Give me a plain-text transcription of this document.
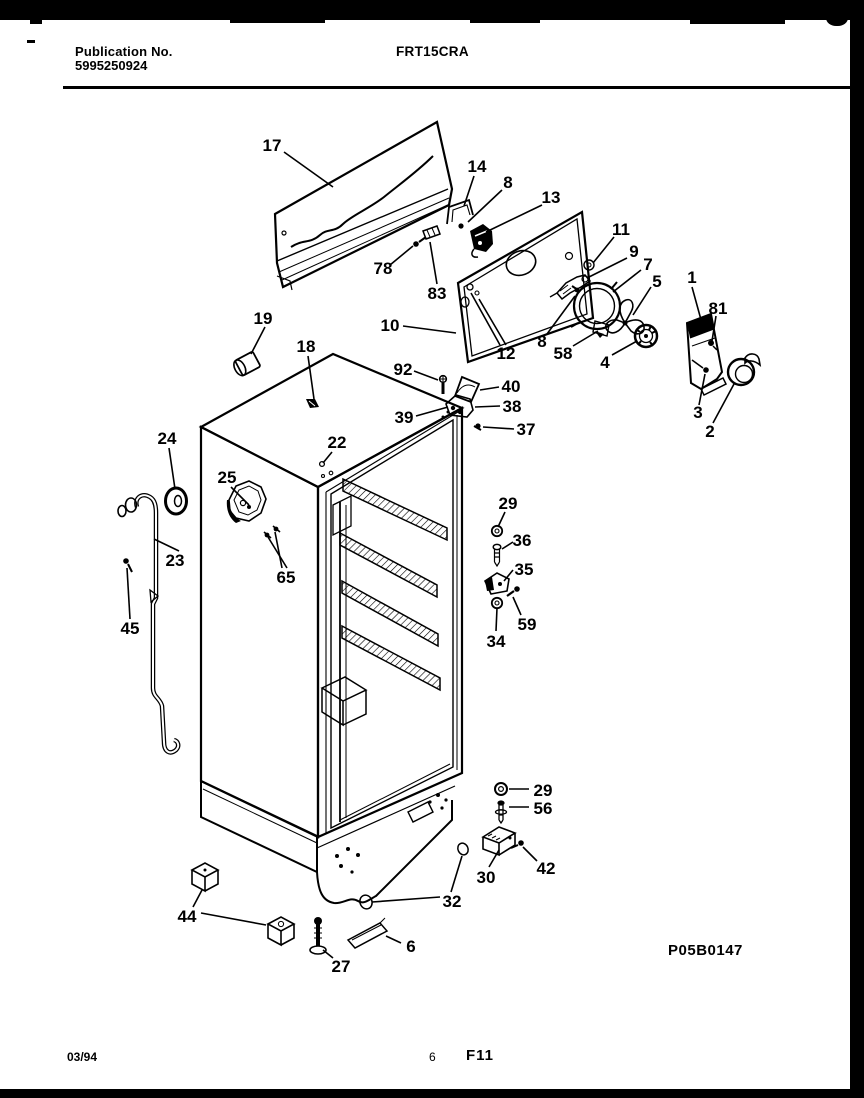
Publication No.
5995250924
FRT15CRA
17
14
8
13
78
83
10
11
9
7
5 1
81
12
8
58 4
3
2
19
18
92
40
38
39
37
24	22
25
65
23
45
29
36
35
59
34
29
56
30 42
32
44
27
6	P05B0147
03/94	6 F11
